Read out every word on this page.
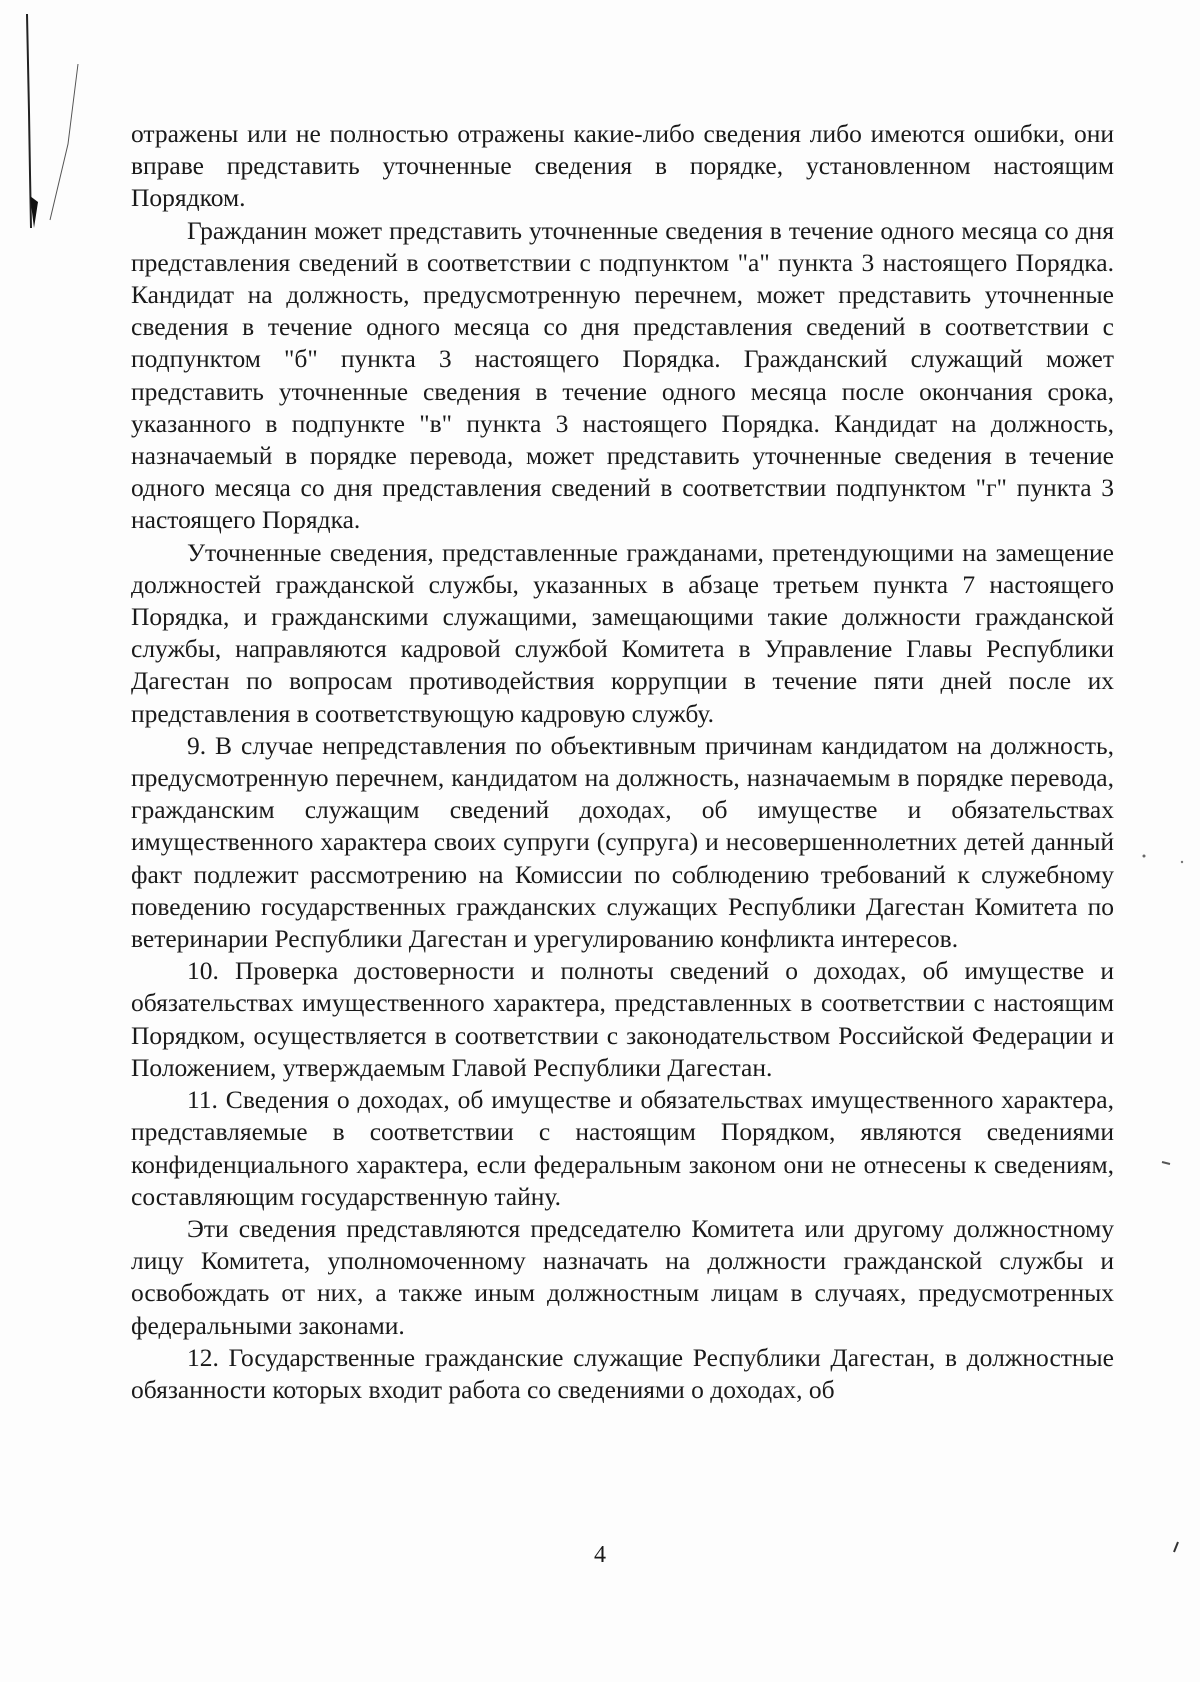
отражены или не полностью отражены какие-либо сведения либо имеются ошибки, они вправе представить уточненные сведения в порядке, установленном настоящим Порядком.

Гражданин может представить уточненные сведения в течение одного месяца со дня представления сведений в соответствии с подпунктом "а" пункта 3 настоящего Порядка. Кандидат на должность, предусмотренную перечнем, может представить уточненные сведения в течение одного месяца со дня представления сведений в соответствии с подпунктом "б" пункта 3 настоящего Порядка. Гражданский служащий может представить уточненные сведения в течение одного месяца после окончания срока, указанного в подпункте "в" пункта 3 настоящего Порядка. Кандидат на должность, назначаемый в порядке перевода, может представить уточненные сведения в течение одного месяца со дня представления сведений в соответствии подпунктом "г" пункта 3 настоящего Порядка.

Уточненные сведения, представленные гражданами, претендующими на замещение должностей гражданской службы, указанных в абзаце третьем пункта 7 настоящего Порядка, и гражданскими служащими, замещающими такие должности гражданской службы, направляются кадровой службой Комитета в Управление Главы Республики Дагестан по вопросам противодействия коррупции в течение пяти дней после их представления в соответствующую кадровую службу.

9. В случае непредставления по объективным причинам кандидатом на должность, предусмотренную перечнем, кандидатом на должность, назначаемым в порядке перевода, гражданским служащим сведений доходах, об имуществе и обязательствах имущественного характера своих супруги (супруга) и несовершеннолетних детей данный факт подлежит рассмотрению на Комиссии по соблюдению требований к служебному поведению государственных гражданских служащих Республики Дагестан Комитета по ветеринарии Республики Дагестан и урегулированию конфликта интересов.

10. Проверка достоверности и полноты сведений о доходах, об имуществе и обязательствах имущественного характера, представленных в соответствии с настоящим Порядком, осуществляется в соответствии с законодательством Российской Федерации и Положением, утверждаемым Главой Республики Дагестан.

11. Сведения о доходах, об имуществе и обязательствах имущественного характера, представляемые в соответствии с настоящим Порядком, являются сведениями конфиденциального характера, если федеральным законом они не отнесены к сведениям, составляющим государственную тайну.

Эти сведения представляются председателю Комитета или другому должностному лицу Комитета, уполномоченному назначать на должности гражданской службы и освобождать от них, а также иным должностным лицам в случаях, предусмотренных федеральными законами.

12. Государственные гражданские служащие Республики Дагестан, в должностные обязанности которых входит работа со сведениями о доходах, об

4
